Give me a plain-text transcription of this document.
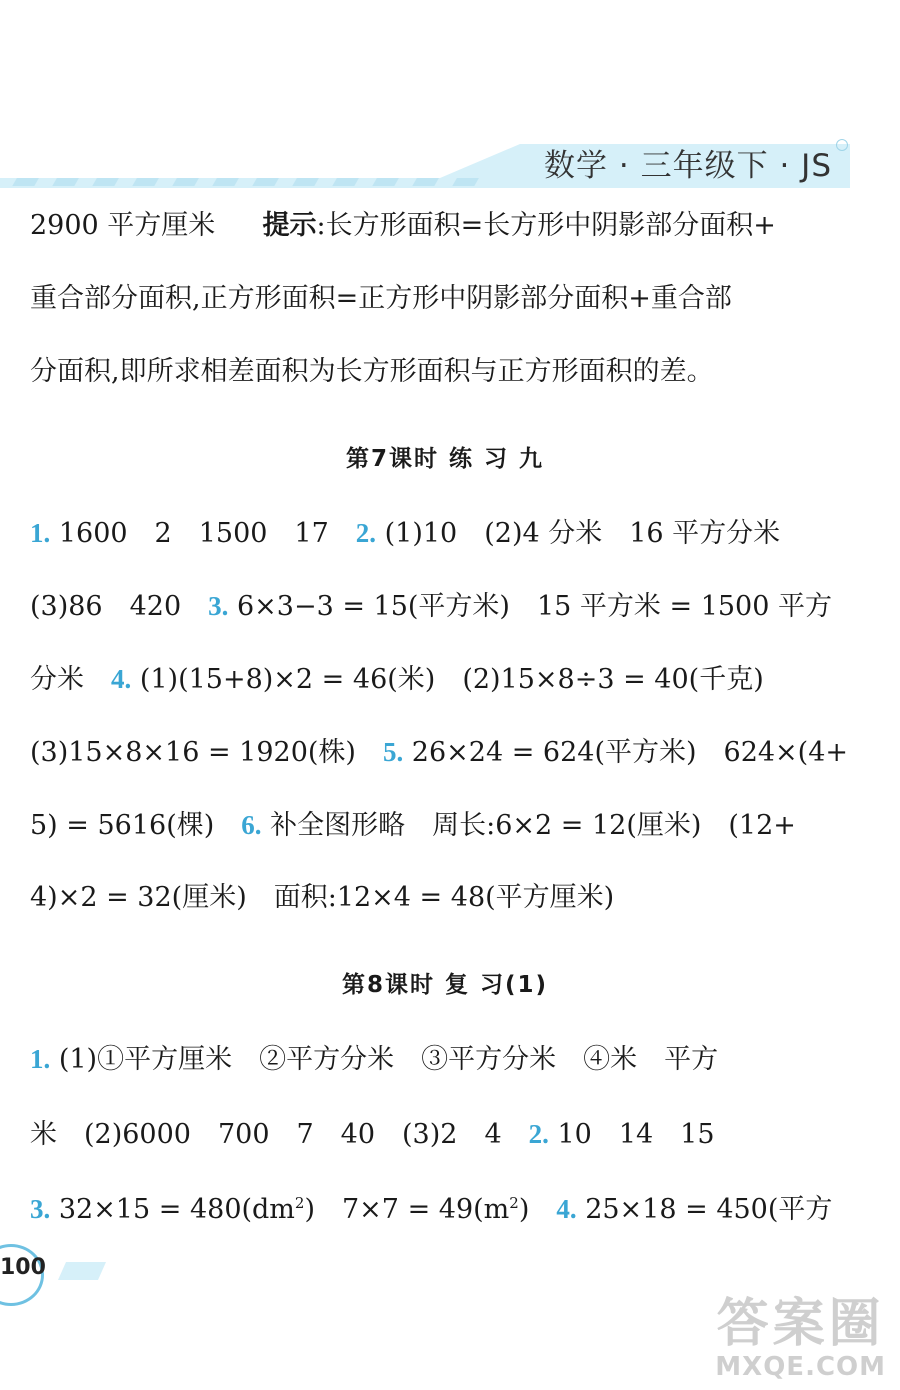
数学 · 三年级下 · JS
2900 平方厘米 提示:长方形面积=长方形中阴影部分面积+
重合部分面积,正方形面积=正方形中阴影部分面积+重合部
分面积,即所求相差面积为长方形面积与正方形面积的差。
第7课时 练 习 九
1. 1600　2　1500　17　2. (1)10　(2)4 分米　16 平方分米
(3)86　420　3. 6×3−3 = 15(平方米)　15 平方米 = 1500 平方
分米　4. (1)(15+8)×2 = 46(米)　(2)15×8÷3 = 40(千克)
(3)15×8×16 = 1920(株)　5. 26×24 = 624(平方米)　624×(4+
5) = 5616(棵)　6. 补全图形略　周长:6×2 = 12(厘米)　(12+
4)×2 = 32(厘米)　面积:12×4 = 48(平方厘米)
第8课时 复 习(1)
1. (1)①平方厘米　②平方分米　③平方分米　④米　平方
米　(2)6000　700　7　40　(3)2　4　2. 10　14　15
3. $32\times 15 = 480(dm^2)$　$7\times 7 = 49(m^2)$　4. 25×18 = 450(平方
100
答案圈
MXQE.COM
